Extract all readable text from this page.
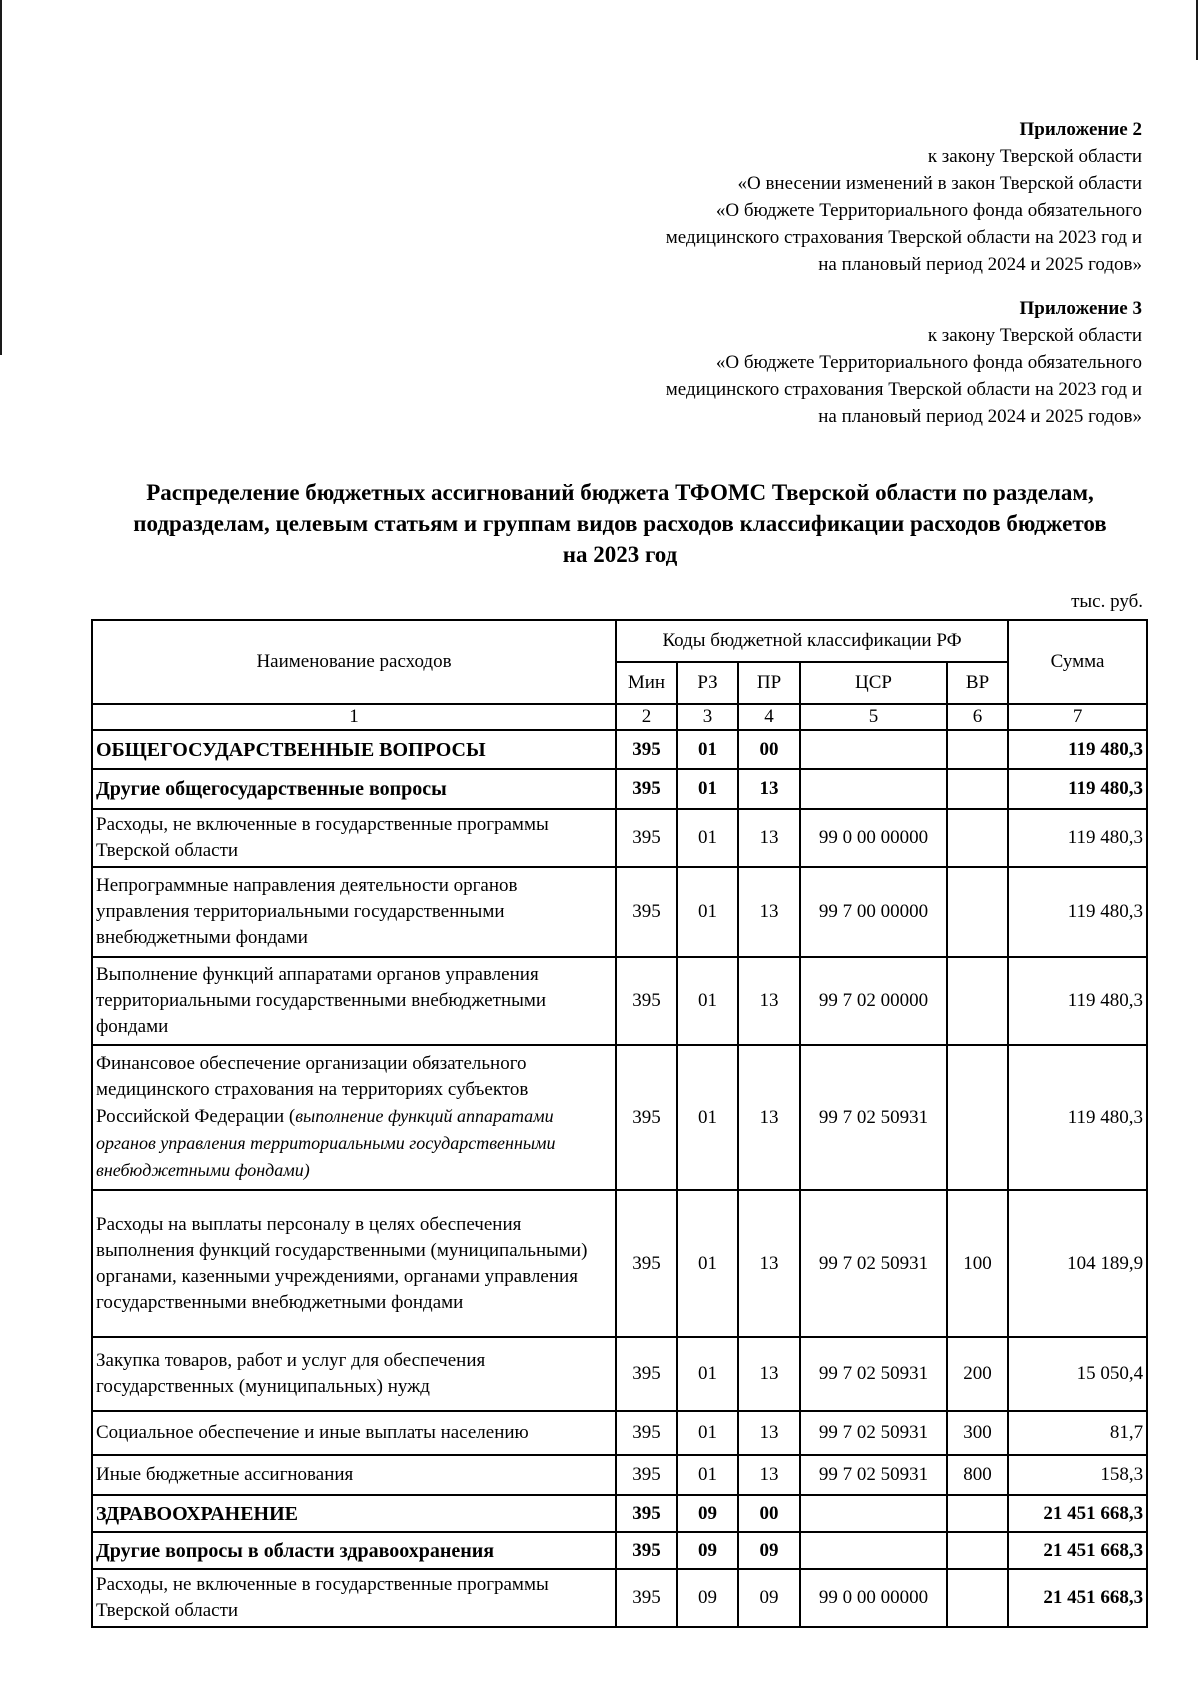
Приложение 2
к закону Тверской области
«О внесении изменений в закон Тверской области
«О бюджете Территориального фонда обязательного
медицинского страхования Тверской области на 2023 год и
на плановый период 2024 и 2025 годов»
Приложение 3
к закону Тверской области
«О бюджете Территориального фонда обязательного
медицинского страхования Тверской области на 2023 год и
на плановый период 2024 и 2025 годов»
Распределение бюджетных ассигнований бюджета ТФОМС Тверской области по разделам,
подразделам, целевым статьям и группам видов расходов классификации расходов бюджетов
на 2023 год
тыс. руб.
Наименование расходов	Коды бюджетной классификации РФ					Сумма
	Мин	РЗ	ПР	ЦСР	ВР	
1	2	3	4	5	6	7
ОБЩЕГОСУДАРСТВЕННЫЕ ВОПРОСЫ	395	01	00			119 480,3
Другие общегосударственные вопросы	395	01	13			119 480,3
Расходы, не включенные в государственные программы Тверской области	395	01	13	99 0 00 00000		119 480,3
Непрограммные направления деятельности органов управления территориальными государственными внебюджетными фондами	395	01	13	99 7 00 00000		119 480,3
Выполнение функций аппаратами органов управления территориальными государственными внебюджетными фондами	395	01	13	99 7 02 00000		119 480,3
Финансовое обеспечение организации обязательного медицинского страхования на территориях субъектов Российской Федерации (выполнение функций аппаратами органов управления территориальными государственными внебюджетными фондами)	395	01	13	99 7 02 50931		119 480,3
Расходы на выплаты персоналу в целях обеспечения выполнения функций государственными (муниципальными) органами, казенными учреждениями, органами управления государственными внебюджетными фондами	395	01	13	99 7 02 50931	100	104 189,9
Закупка товаров, работ и услуг для обеспечения государственных (муниципальных) нужд	395	01	13	99 7 02 50931	200	15 050,4
Социальное обеспечение и иные выплаты населению	395	01	13	99 7 02 50931	300	81,7
Иные бюджетные ассигнования	395	01	13	99 7 02 50931	800	158,3
ЗДРАВООХРАНЕНИЕ	395	09	00			21 451 668,3
Другие вопросы в области здравоохранения	395	09	09			21 451 668,3
Расходы, не включенные в государственные программы Тверской области	395	09	09	99 0 00 00000		21 451 668,3
